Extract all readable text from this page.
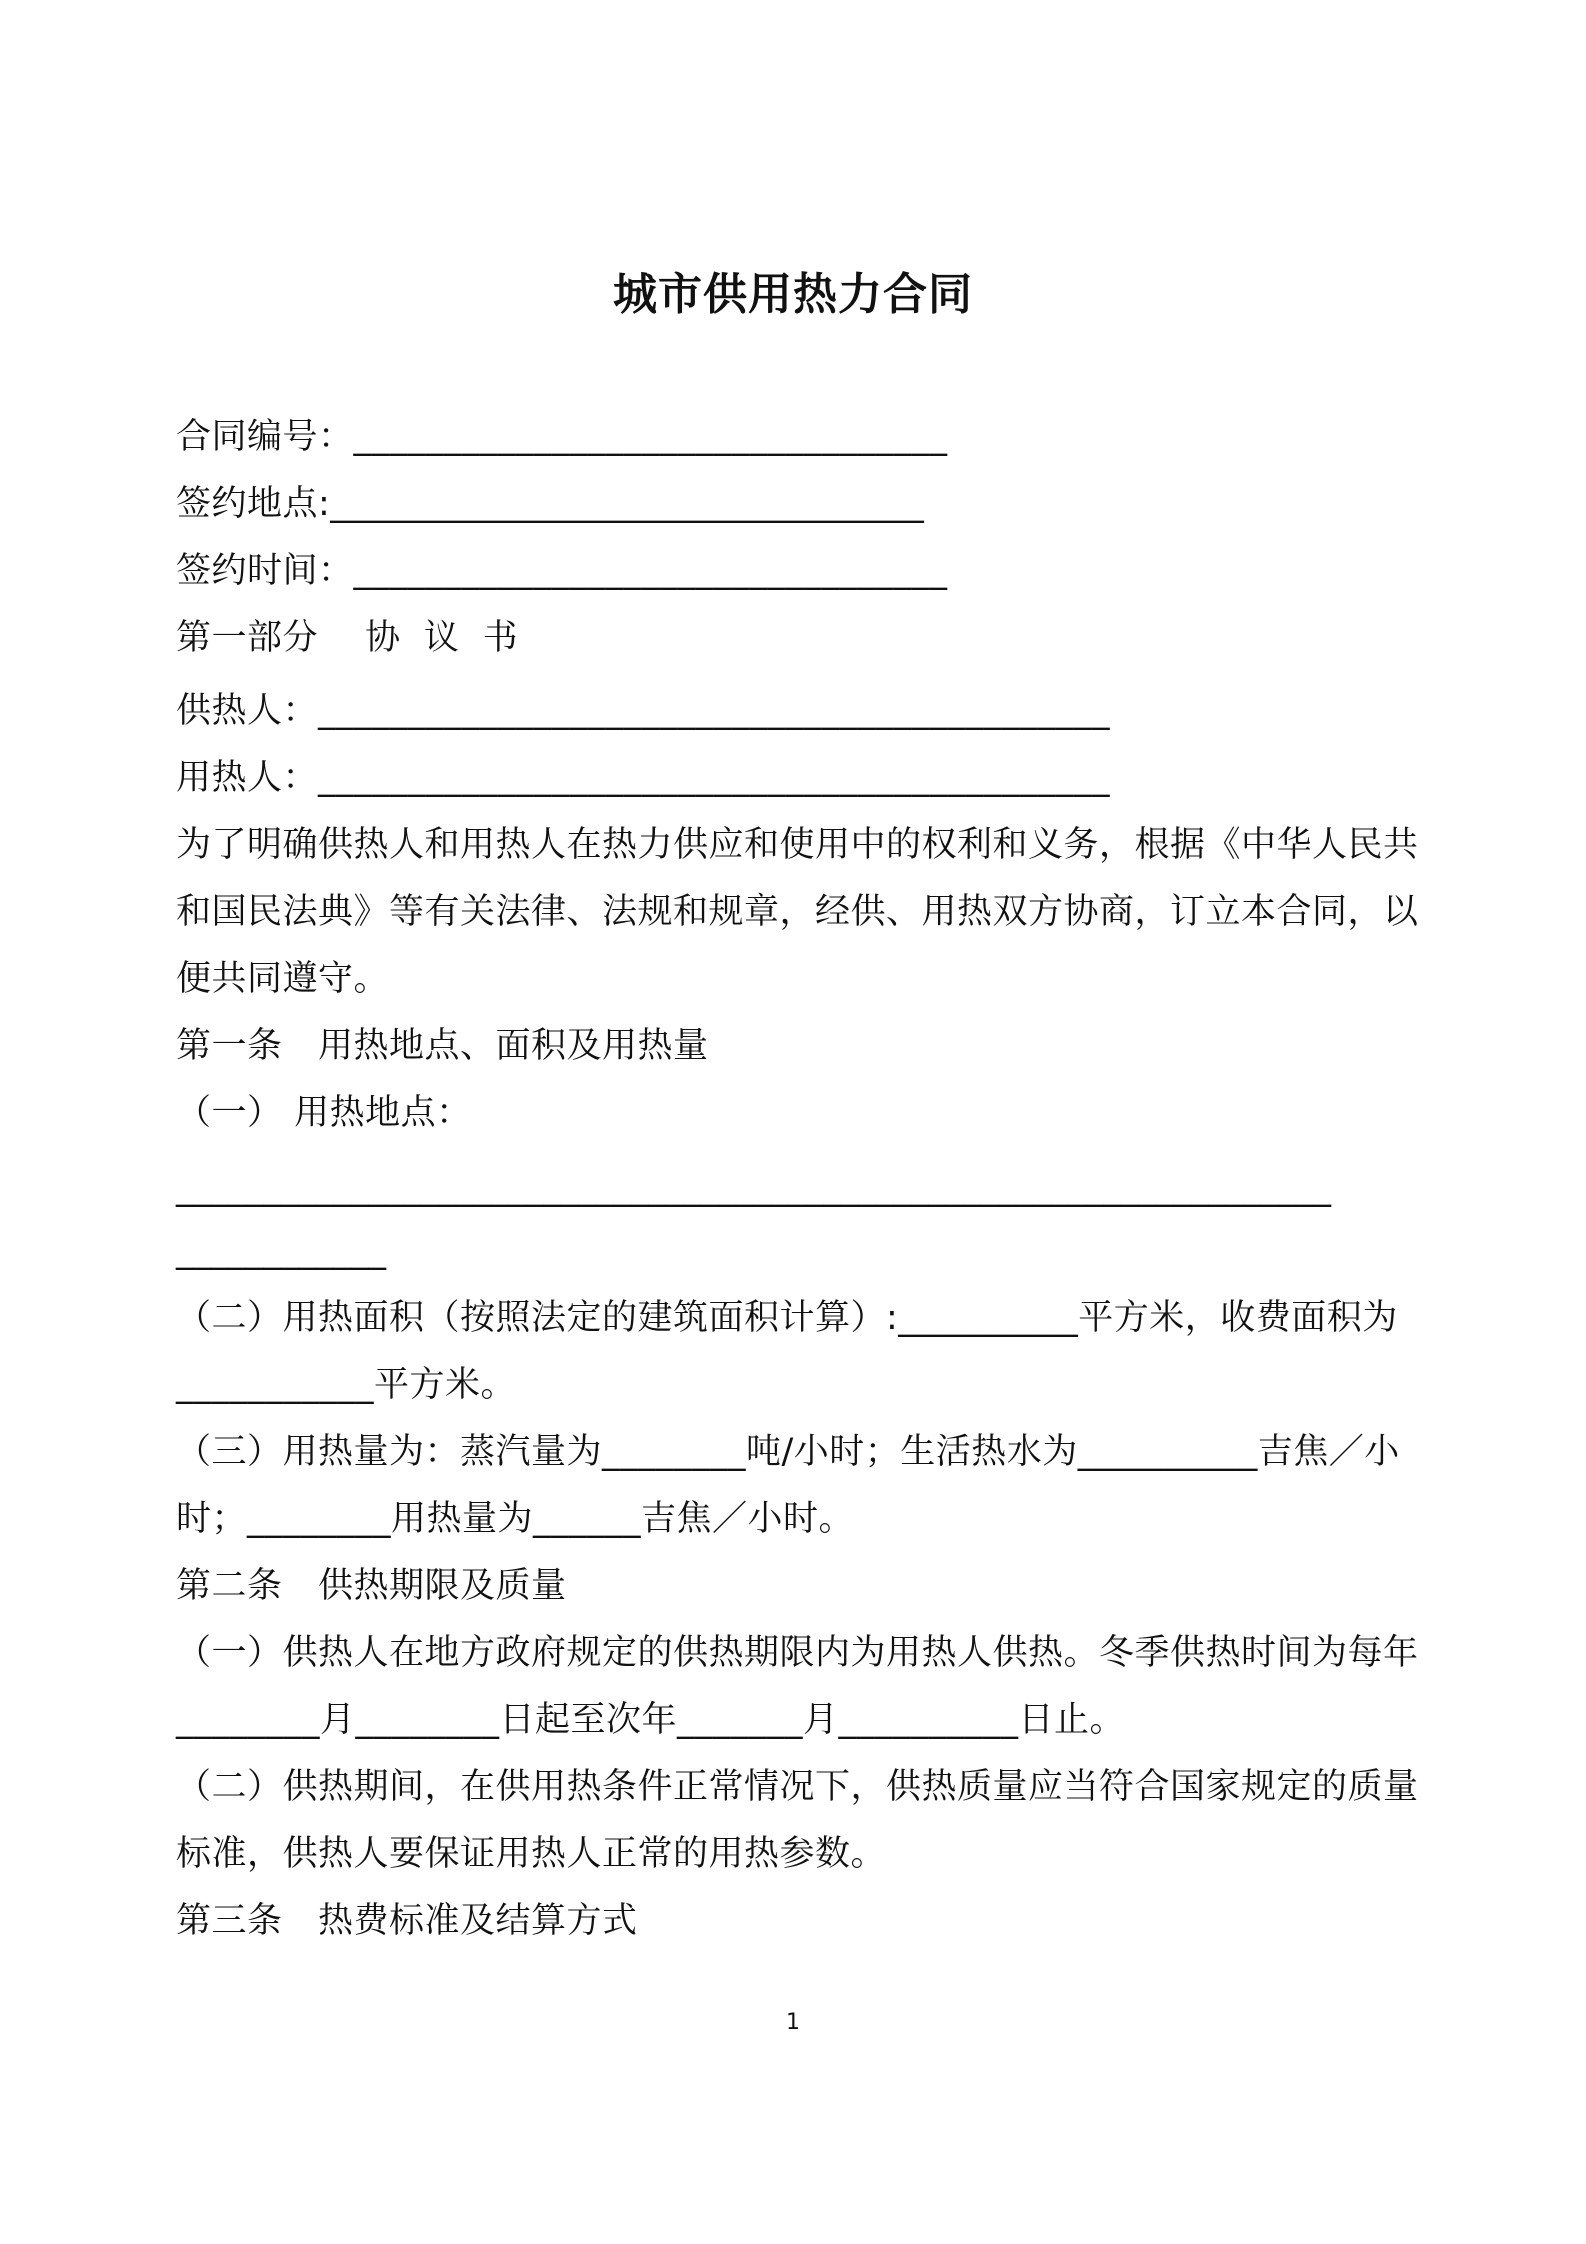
城市供用热力合同
合同编号：_________________________________
签约地点:_________________________________
签约时间：_________________________________
第一部分　 协  议  书
供热人：____________________________________________
用热人：____________________________________________
为了明确供热人和用热人在热力供应和使用中的权利和义务，根据《中华人民共和国民法典》等有关法律、法规和规章，经供、用热双方协商，订立本合同，以便共同遵守。
第一条　用热地点、面积及用热量
（一） 用热地点：
__________________________________________________________________
____________
（二）用热面积（按照法定的建筑面积计算）:__________平方米，收费面积为___________平方米。
（三）用热量为：蒸汽量为________吨/小时；生活热水为__________吉焦／小时；________用热量为______吉焦／小时。
第二条　供热期限及质量
（一）供热人在地方政府规定的供热期限内为用热人供热。冬季供热时间为每年________月________日起至次年_______月__________日止。
（二）供热期间，在供用热条件正常情况下，供热质量应当符合国家规定的质量标准，供热人要保证用热人正常的用热参数。
第三条　热费标准及结算方式
1
